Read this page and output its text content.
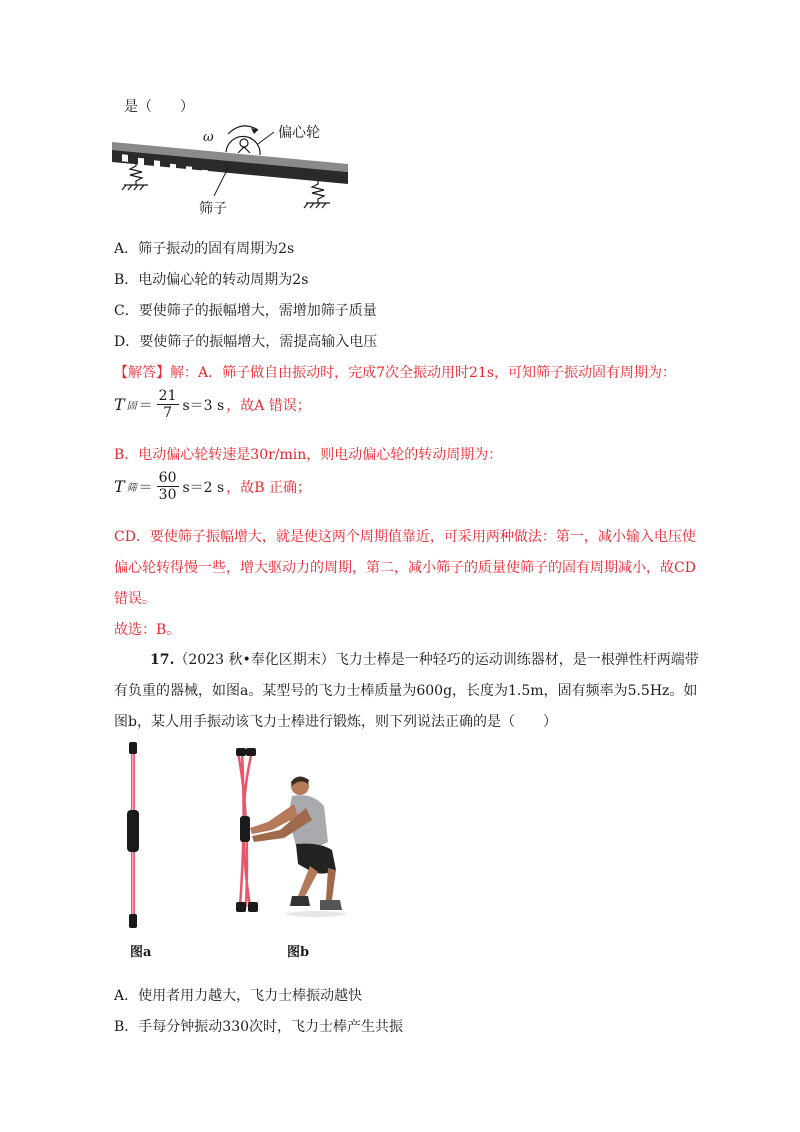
是（　　）
ω	偏心轮
筛子
A．筛子振动的固有周期为2s
B．电动偏心轮的转动周期为2s
C．要使筛子的振幅增大，需增加筛子质量
D．要使筛子的振幅增大，需提高输入电压
【解答】解：A．筛子做自由振动时，完成7次全振动用时21s，可知筛子振动固有周期为：
T 固 ＝ $\frac{21}{7} s=3$ s ，故A 错误；
B．电动偏心轮转速是30r/min，则电动偏心轮的转动周期为：
T 筛 ＝ $\frac{60}{30} s=2$ s ，故B 正确；
CD．要使筛子振幅增大，就是使这两个周期值靠近，可采用两种做法：第一，减小输入电压使
偏心轮转得慢一些，增大驱动力的周期，第二，减小筛子的质量使筛子的固有周期减小，故CD
错误。
故选：B。
17.（2023 秋•奉化区期末）飞力士棒是一种轻巧的运动训练器材，是一根弹性杆两端带
有负重的器械，如图a。某型号的飞力士棒质量为600g，长度为1.5m，固有频率为5.5Hz。如
图b，某人用手振动该飞力士棒进行锻炼，则下列说法正确的是（　　）
图a	图b
A．使用者用力越大，飞力士棒振动越快
B．手每分钟振动330次时，飞力士棒产生共振
